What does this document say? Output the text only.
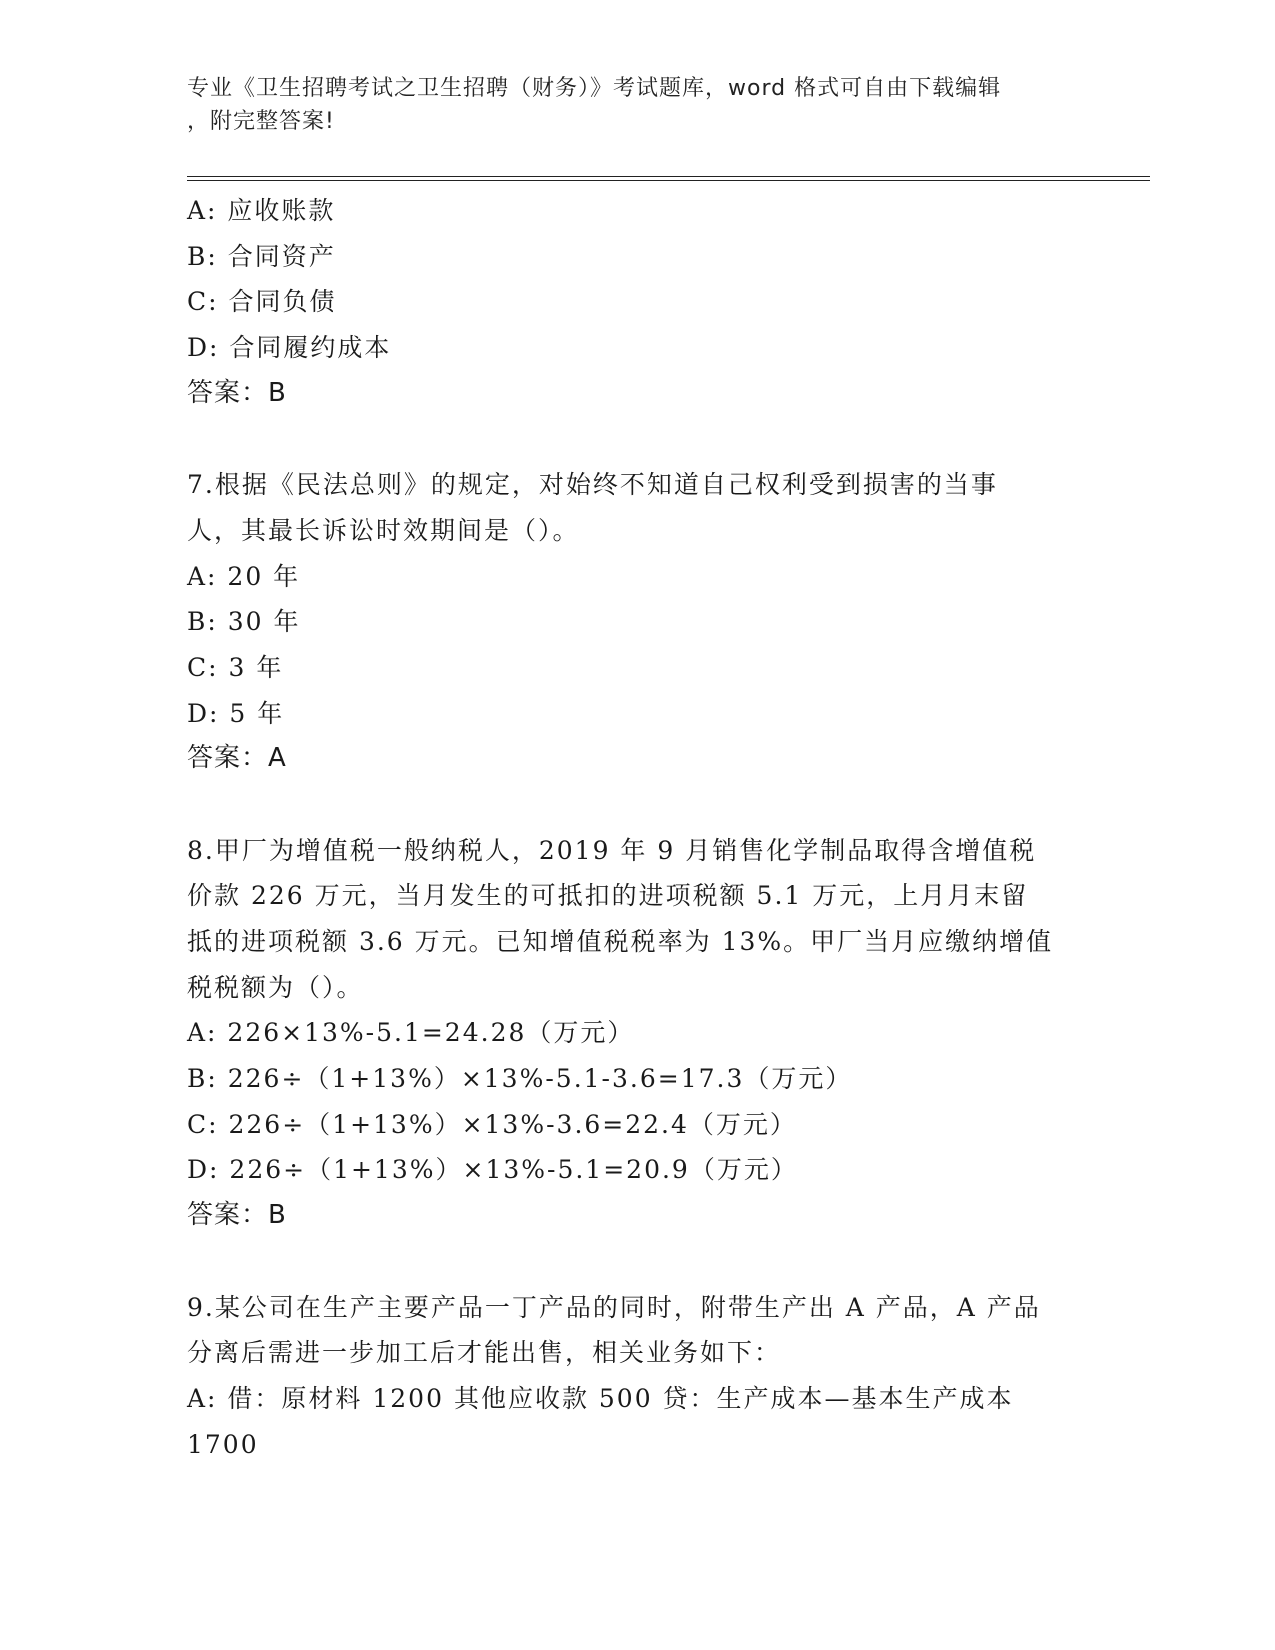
专业《卫生招聘考试之卫生招聘（财务）》考试题库，word 格式可自由下载编辑
，附完整答案!
A: 应收账款
B: 合同资产
C: 合同负债
D: 合同履约成本
答案：B
7.根据《民法总则》的规定，对始终不知道自己权利受到损害的当事
人，其最长诉讼时效期间是（）。
A: 20 年
B: 30 年
C: 3 年
D: 5 年
答案：A
8.甲厂为增值税一般纳税人，2019 年 9 月销售化学制品取得含增值税
价款 226 万元，当月发生的可抵扣的进项税额 5.1 万元，上月月末留
抵的进项税额 3.6 万元。已知增值税税率为 13%。甲厂当月应缴纳增值
税税额为（）。
A: 226×13%-5.1=24.28（万元）
B: 226÷（1+13%）×13%-5.1-3.6=17.3（万元）
C: 226÷（1+13%）×13%-3.6=22.4（万元）
D: 226÷（1+13%）×13%-5.1=20.9（万元）
答案：B
9.某公司在生产主要产品一丁产品的同时，附带生产出 A 产品，A 产品
分离后需进一步加工后才能出售，相关业务如下：
A: 借：原材料 1200 其他应收款 500 贷：生产成本—基本生产成本
1700
